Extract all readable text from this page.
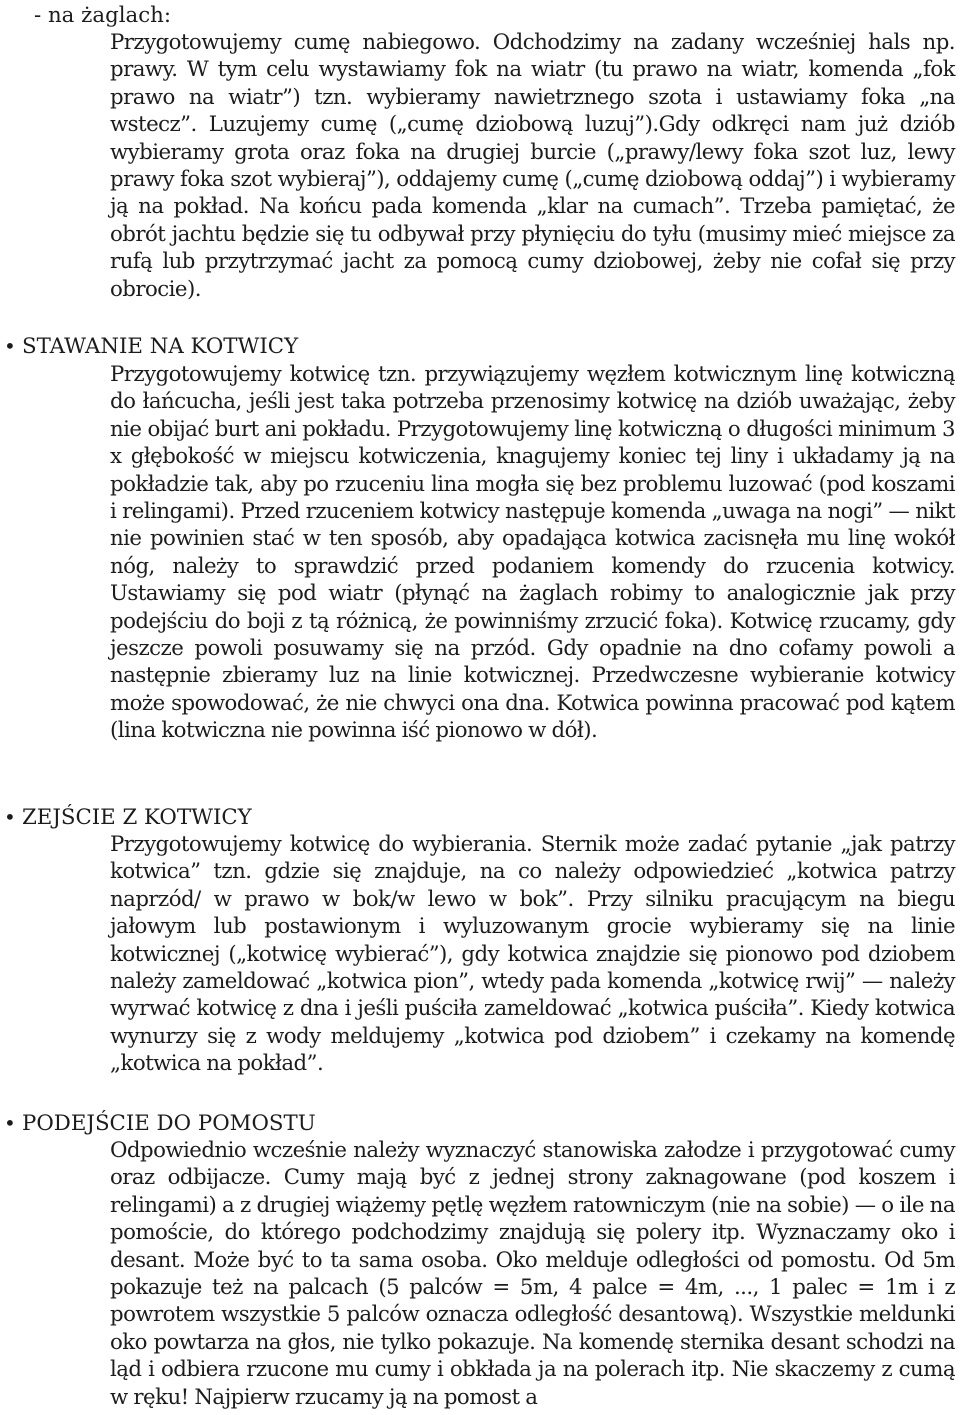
- na żaglach:
Przygotowujemy cumę nabiegowo. Odchodzimy na zadany wcześniej hals np. prawy. W tym celu wystawiamy fok na wiatr (tu prawo na wiatr, komenda „fok prawo na wiatr”) tzn. wybieramy nawietrznego szota i ustawiamy foka „na wstecz”. Luzujemy cumę („cumę dziobową luzuj”).Gdy odkręci nam już dziób wybieramy grota oraz foka na drugiej burcie („prawy/lewy foka szot luz, lewy prawy foka szot wybieraj”), oddajemy cumę („cumę dziobową oddaj”) i wybieramy ją na pokład. Na końcu pada komenda „klar na cumach”. Trzeba pamiętać, że obrót jachtu będzie się tu odbywał przy płynięciu do tyłu (musimy mieć miejsce za rufą lub przytrzymać jacht za pomocą cumy dziobowej, żeby nie cofał się przy obrocie).
• STAWANIE NA KOTWICY
Przygotowujemy kotwicę tzn. przywiązujemy węzłem kotwicznym linę kotwiczną do łańcucha, jeśli jest taka potrzeba przenosimy kotwicę na dziób uważając, żeby nie obijać burt ani pokładu. Przygotowujemy linę kotwiczną o długości minimum 3 x głębokość w miejscu kotwiczenia, knagujemy koniec tej liny i układamy ją na pokładzie tak, aby po rzuceniu lina mogła się bez problemu luzować (pod koszami i relingami). Przed rzuceniem kotwicy następuje komenda „uwaga na nogi” — nikt nie powinien stać w ten sposób, aby opadająca kotwica zacisnęła mu linę wokół nóg, należy to sprawdzić przed podaniem komendy do rzucenia kotwicy. Ustawiamy się pod wiatr (płynąć na żaglach robimy to analogicznie jak przy podejściu do boji z tą różnicą, że powinniśmy zrzucić foka). Kotwicę rzucamy, gdy jeszcze powoli posuwamy się na przód. Gdy opadnie na dno cofamy powoli a następnie zbieramy luz na linie kotwicznej. Przedwczesne wybieranie kotwicy może spowodować, że nie chwyci ona dna. Kotwica powinna pracować pod kątem (lina kotwiczna nie powinna iść pionowo w dół).
• ZEJŚCIE Z KOTWICY
Przygotowujemy kotwicę do wybierania. Sternik może zadać pytanie „jak patrzy kotwica” tzn. gdzie się znajduje, na co należy odpowiedzieć „kotwica patrzy naprzód/ w prawo w bok/w lewo w bok”. Przy silniku pracującym na biegu jałowym lub postawionym i wyluzowanym grocie wybieramy się na linie kotwicznej („kotwicę wybierać”), gdy kotwica znajdzie się pionowo pod dziobem należy zameldować „kotwica pion”, wtedy pada komenda „kotwicę rwij” — należy wyrwać kotwicę z dna i jeśli puściła zameldować „kotwica puściła”. Kiedy kotwica wynurzy się z wody meldujemy „kotwica pod dziobem” i czekamy na komendę „kotwica na pokład”.
• PODEJŚCIE DO POMOSTU
Odpowiednio wcześnie należy wyznaczyć stanowiska załodze i przygotować cumy oraz odbijacze. Cumy mają być z jednej strony zaknagowane (pod koszem i relingami) a z drugiej wiążemy pętlę węzłem ratowniczym (nie na sobie) — o ile na pomoście, do którego podchodzimy znajdują się polery itp. Wyznaczamy oko i desant. Może być to ta sama osoba. Oko melduje odległości od pomostu. Od 5m pokazuje też na palcach (5 palców = 5m, 4 palce = 4m, ..., 1 palec = 1m i z powrotem wszystkie 5 palców oznacza odległość desantową). Wszystkie meldunki oko powtarza na głos, nie tylko pokazuje. Na komendę sternika desant schodzi na ląd i odbiera rzucone mu cumy i obkłada ja na polerach itp. Nie skaczemy z cumą w ręku! Najpierw rzucamy ją na pomost a
